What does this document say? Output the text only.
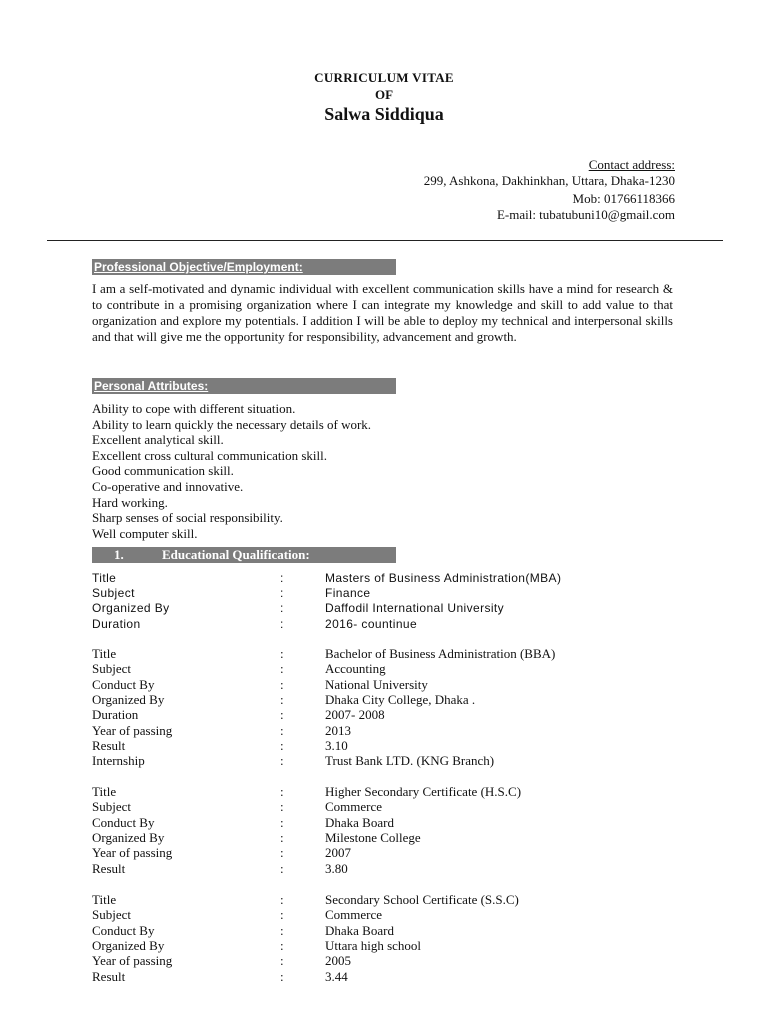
CURRICULUM VITAE
OF
Salwa Siddiqua
Contact address:
299, Ashkona, Dakhinkhan, Uttara, Dhaka-1230
Mob: 01766118366
E-mail: tubatubuni10@gmail.com
Professional Objective/Employment:

I am a self-motivated and dynamic individual with excellent communication skills have a mind for research & to contribute in a promising organization where I can integrate my knowledge and skill to add value to that organization and explore my potentials. I addition I will be able to deploy my technical and interpersonal skills and that will give me the opportunity for responsibility, advancement and growth.

Personal Attributes:
Ability to cope with different situation.
Ability to learn quickly the necessary details of work.
Excellent analytical skill.
Excellent cross cultural communication skill.
Good communication skill.
Co-operative and innovative.
Hard working.
Sharp senses of social responsibility.
Well computer skill.
1.	Educational Qualification:
Title	:	Masters of Business Administration(MBA)
Subject	:	Finance
Organized By	:	Daffodil International University
Duration	:	2016- countinue
Title	:	Bachelor of Business Administration (BBA)
Subject	:	Accounting
Conduct By	:	National University
Organized By	:	Dhaka City College, Dhaka .
Duration	:	2007- 2008
Year of passing	:	2013
Result	:	3.10
Internship	:	Trust Bank LTD. (KNG Branch)
Title	:	Higher Secondary Certificate (H.S.C)
Subject	:	Commerce
Conduct By	:	Dhaka Board
Organized By	:	Milestone College
Year of passing	:	2007
Result	:	3.80
Title	:	Secondary School Certificate (S.S.C)
Subject	:	Commerce
Conduct By	:	Dhaka Board
Organized By	:	Uttara high school
Year of passing	:	2005
Result	:	3.44
